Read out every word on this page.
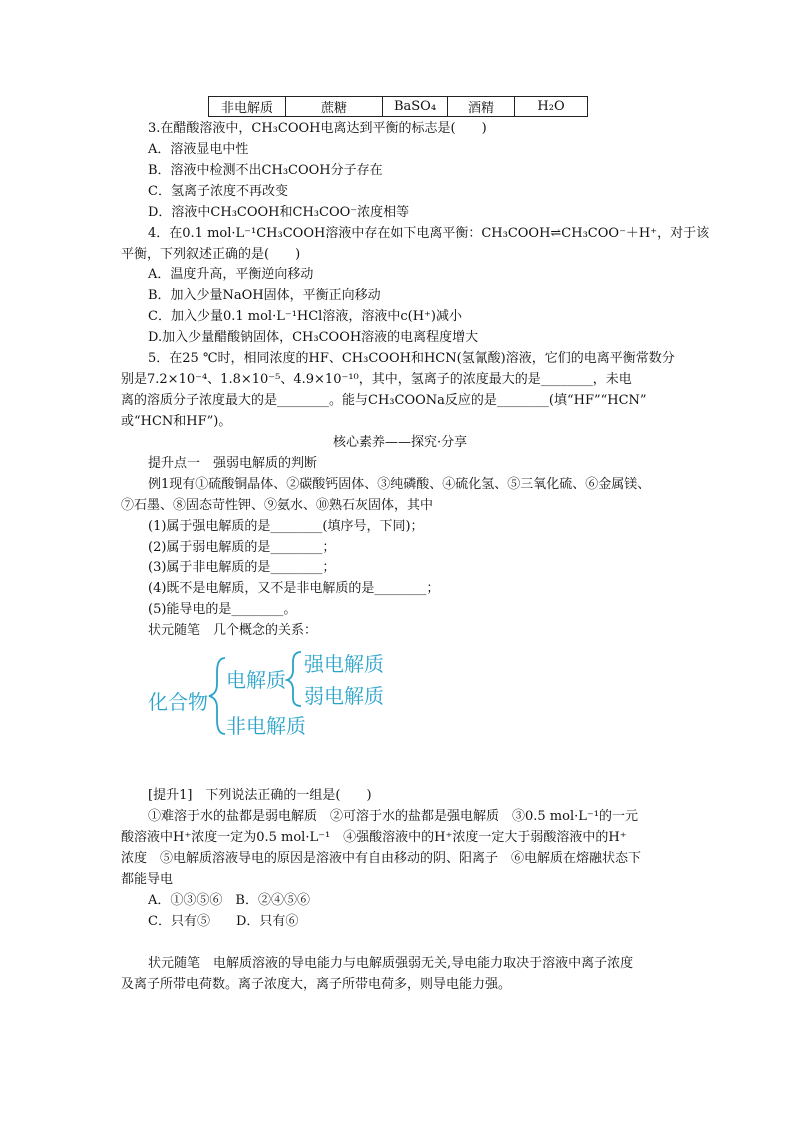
非电解质	蔗糖	BaSO₄	酒精	H₂O
3.在醋酸溶液中，CH₃COOH电离达到平衡的标志是(　　)
A．溶液显电中性
B．溶液中检测不出CH₃COOH分子存在
C．氢离子浓度不再改变
D．溶液中CH₃COOH和CH₃COO⁻浓度相等
4．在0.1 mol·L⁻¹CH₃COOH溶液中存在如下电离平衡：CH₃COOH⇌CH₃COO⁻＋H⁺，对于该
平衡，下列叙述正确的是(　　)
A．温度升高，平衡逆向移动
B．加入少量NaOH固体，平衡正向移动
C．加入少量0.1 mol·L⁻¹HCl溶液，溶液中c(H⁺)减小
D.加入少量醋酸钠固体，CH₃COOH溶液的电离程度增大
5．在25 ℃时，相同浓度的HF、CH₃COOH和HCN(氢氰酸)溶液，它们的电离平衡常数分
别是7.2×10⁻⁴、1.8×10⁻⁵、4.9×10⁻¹⁰，其中，氢离子的浓度最大的是________，未电
离的溶质分子浓度最大的是________。能与CH₃COONa反应的是________(填“HF”“HCN”
或“HCN和HF”)。
核心素养——探究·分享
提升点一　强弱电解质的判断
例1现有①硫酸铜晶体、②碳酸钙固体、③纯磷酸、④硫化氢、⑤三氧化硫、⑥金属镁、
⑦石墨、⑧固态苛性钾、⑨氨水、⑩熟石灰固体，其中
(1)属于强电解质的是________(填序号，下同)；
(2)属于弱电解质的是________；
(3)属于非电解质的是________；
(4)既不是电解质，又不是非电解质的是________；
(5)能导电的是________。
状元随笔　几个概念的关系：
化合物
电解质
非电解质
强电解质
弱电解质
[提升1]　下列说法正确的一组是(　　)
①难溶于水的盐都是弱电解质　②可溶于水的盐都是强电解质　③0.5 mol·L⁻¹的一元
酸溶液中H⁺浓度一定为0.5 mol·L⁻¹　④强酸溶液中的H⁺浓度一定大于弱酸溶液中的H⁺
浓度　⑤电解质溶液导电的原因是溶液中有自由移动的阴、阳离子　⑥电解质在熔融状态下
都能导电
A．①③⑤⑥　B．②④⑤⑥
C．只有⑤　　D．只有⑥
状元随笔　电解质溶液的导电能力与电解质强弱无关,导电能力取决于溶液中离子浓度
及离子所带电荷数。离子浓度大，离子所带电荷多，则导电能力强。
